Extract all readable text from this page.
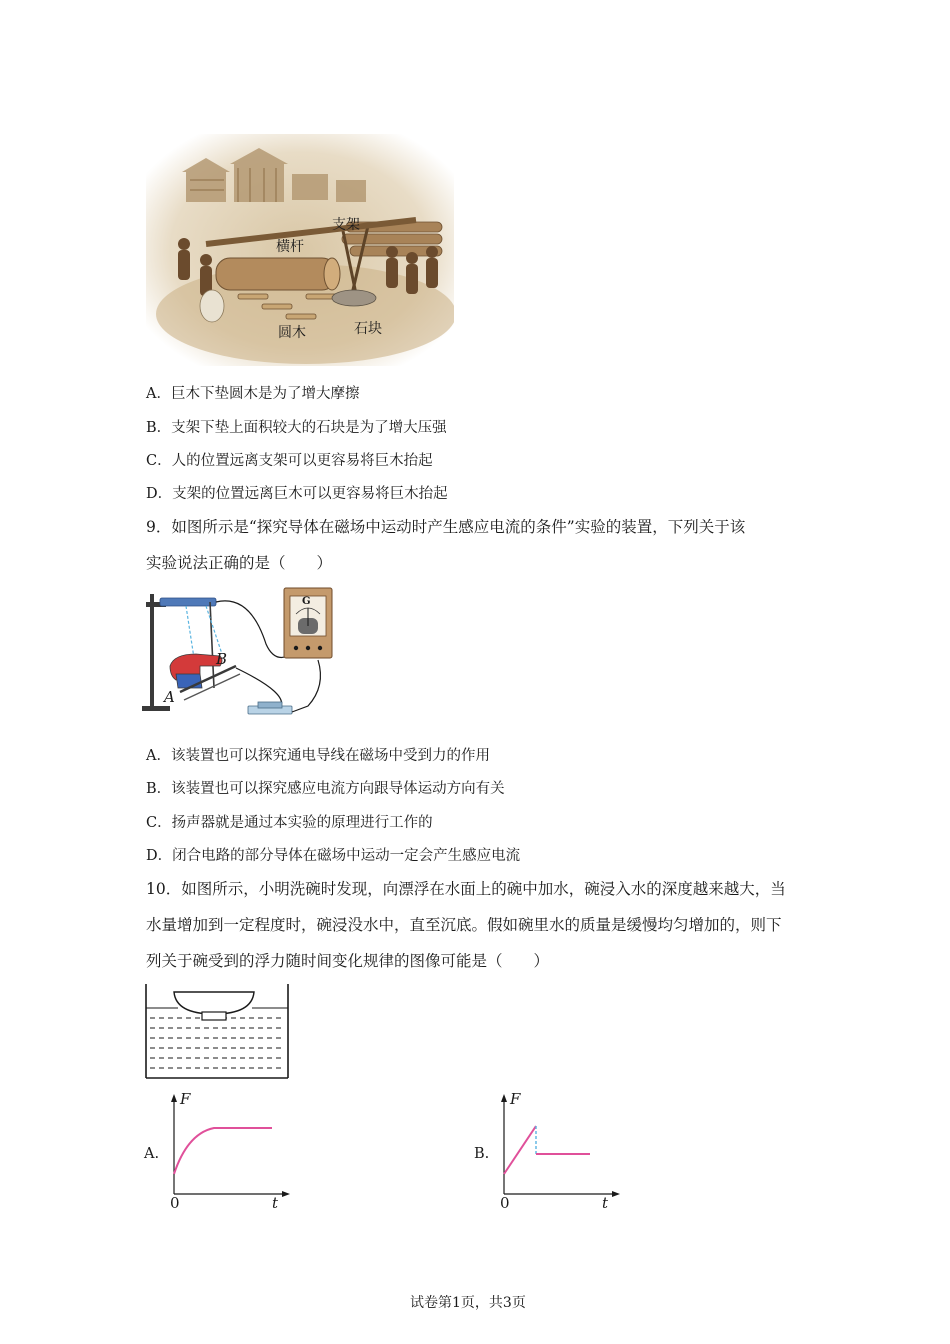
横杆
支架
圆木	石块
A．巨木下垫圆木是为了增大摩擦
B．支架下垫上面积较大的石块是为了增大压强
C．人的位置远离支架可以更容易将巨木抬起
D．支架的位置远离巨木可以更容易将巨木抬起
9．如图所示是“探究导体在磁场中运动时产生感应电流的条件”实验的装置，下列关于该
实验说法正确的是（　　）
B
A
G
A．该装置也可以探究通电导线在磁场中受到力的作用
B．该装置也可以探究感应电流方向跟导体运动方向有关
C．扬声器就是通过本实验的原理进行工作的
D．闭合电路的部分导体在磁场中运动一定会产生感应电流
10．如图所示，小明洗碗时发现，向漂浮在水面上的碗中加水，碗浸入水的深度越来越大，当
水量增加到一定程度时，碗浸没水中，直至沉底。假如碗里水的质量是缓慢均匀增加的，则下
列关于碗受到的浮力随时间变化规律的图像可能是（　　）
A.
F
t
0
B.
F
t
0
试卷第1页，共3页
